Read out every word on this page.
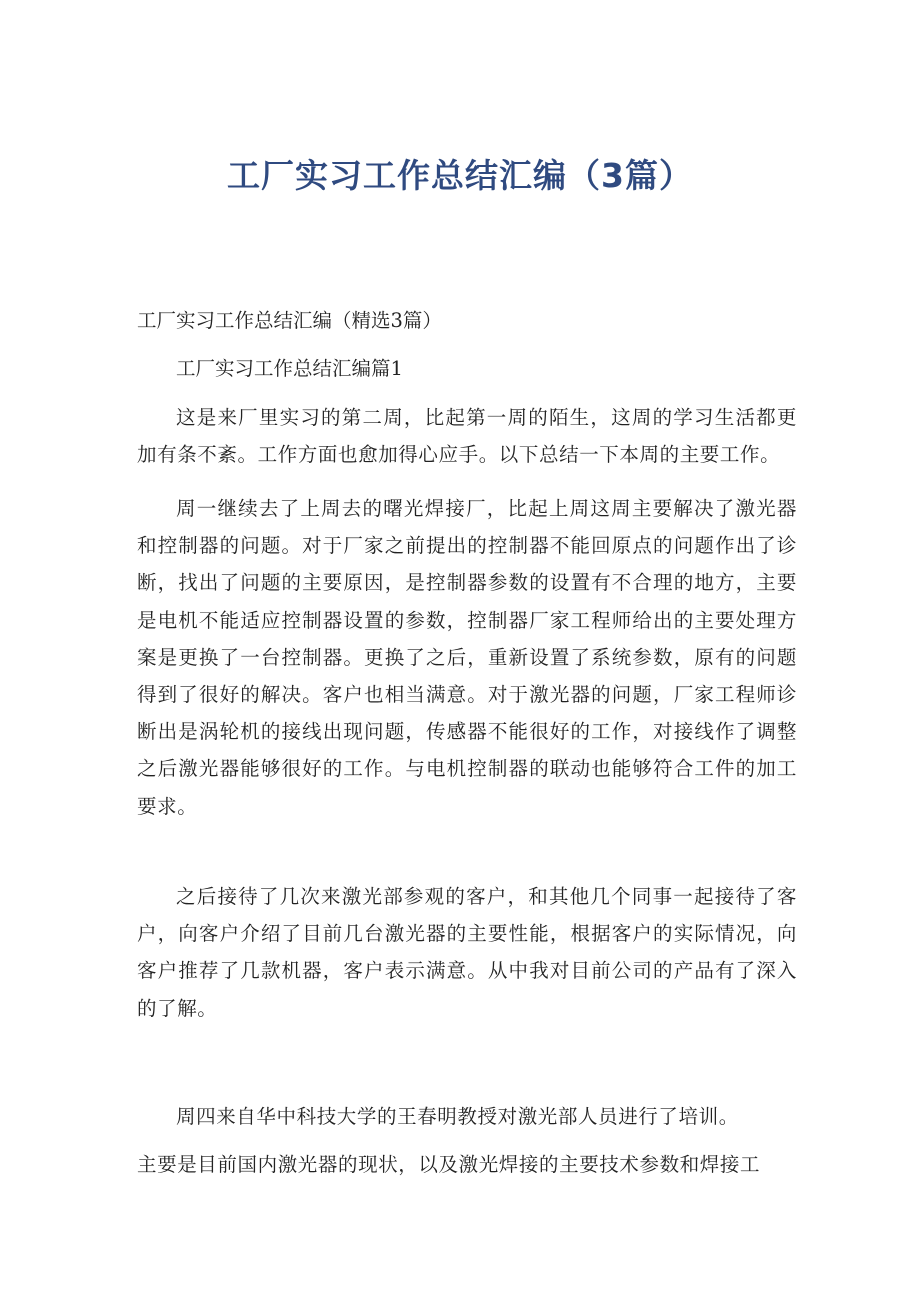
工厂实习工作总结汇编（3篇）

工厂实习工作总结汇编（精选3篇）

工厂实习工作总结汇编篇1

这是来厂里实习的第二周，比起第一周的陌生，这周的学习生活都更加有条不紊。工作方面也愈加得心应手。以下总结一下本周的主要工作。

周一继续去了上周去的曙光焊接厂，比起上周这周主要解决了激光器和控制器的问题。对于厂家之前提出的控制器不能回原点的问题作出了诊断，找出了问题的主要原因，是控制器参数的设置有不合理的地方，主要是电机不能适应控制器设置的参数，控制器厂家工程师给出的主要处理方案是更换了一台控制器。更换了之后，重新设置了系统参数，原有的问题得到了很好的解决。客户也相当满意。对于激光器的问题，厂家工程师诊断出是涡轮机的接线出现问题，传感器不能很好的工作，对接线作了调整之后激光器能够很好的工作。与电机控制器的联动也能够符合工件的加工要求。

之后接待了几次来激光部参观的客户，和其他几个同事一起接待了客户，向客户介绍了目前几台激光器的主要性能，根据客户的实际情况，向客户推荐了几款机器，客户表示满意。从中我对目前公司的产品有了深入的了解。

周四来自华中科技大学的王春明教授对激光部人员进行了培训。

主要是目前国内激光器的现状，以及激光焊接的主要技术参数和焊接工
